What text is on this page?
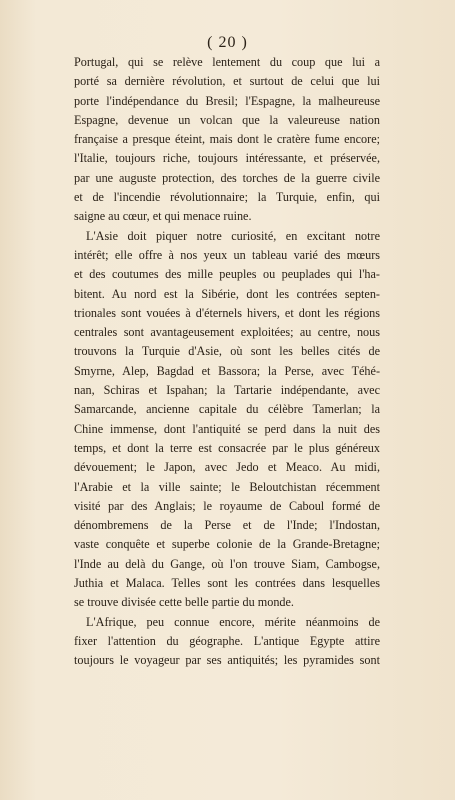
( 20 )
Portugal, qui se relève lentement du coup que lui a
porté sa dernière révolution, et surtout de celui que lui
porte l'indépendance du Bresil; l'Espagne, la malheureuse
Espagne, devenue un volcan que la valeureuse nation
française a presque éteint, mais dont le cratère fume encore;
l'Italie, toujours riche, toujours intéressante, et préservée,
par une auguste protection, des torches de la guerre civile
et de l'incendie révolutionnaire; la Turquie, enfin, qui
saigne au cœur, et qui menace ruine.
L'Asie doit piquer notre curiosité, en excitant notre
intérêt; elle offre à nos yeux un tableau varié des mœurs
et des coutumes des mille peuples ou peuplades qui l'ha-
bitent. Au nord est la Sibérie, dont les contrées septen-
trionales sont vouées à d'éternels hivers, et dont les régions
centrales sont avantageusement exploitées; au centre, nous
trouvons la Turquie d'Asie, où sont les belles cités de
Smyrne, Alep, Bagdad et Bassora; la Perse, avec Téhé-
nan, Schiras et Ispahan; la Tartarie indépendante, avec
Samarcande, ancienne capitale du célèbre Tamerlan; la
Chine immense, dont l'antiquité se perd dans la nuit des
temps, et dont la terre est consacrée par le plus généreux
dévouement; le Japon, avec Jedo et Meaco. Au midi,
l'Arabie et la ville sainte; le Beloutchistan récemment
visité par des Anglais; le royaume de Caboul formé de
dénombremens de la Perse et de l'Inde; l'Indostan,
vaste conquête et superbe colonie de la Grande-Bretagne;
l'Inde au delà du Gange, où l'on trouve Siam, Cambogse,
Juthia et Malaca. Telles sont les contrées dans lesquelles
se trouve divisée cette belle partie du monde.
L'Afrique, peu connue encore, mérite néanmoins de
fixer l'attention du géographe. L'antique Egypte attire
toujours le voyageur par ses antiquités; les pyramides sont
